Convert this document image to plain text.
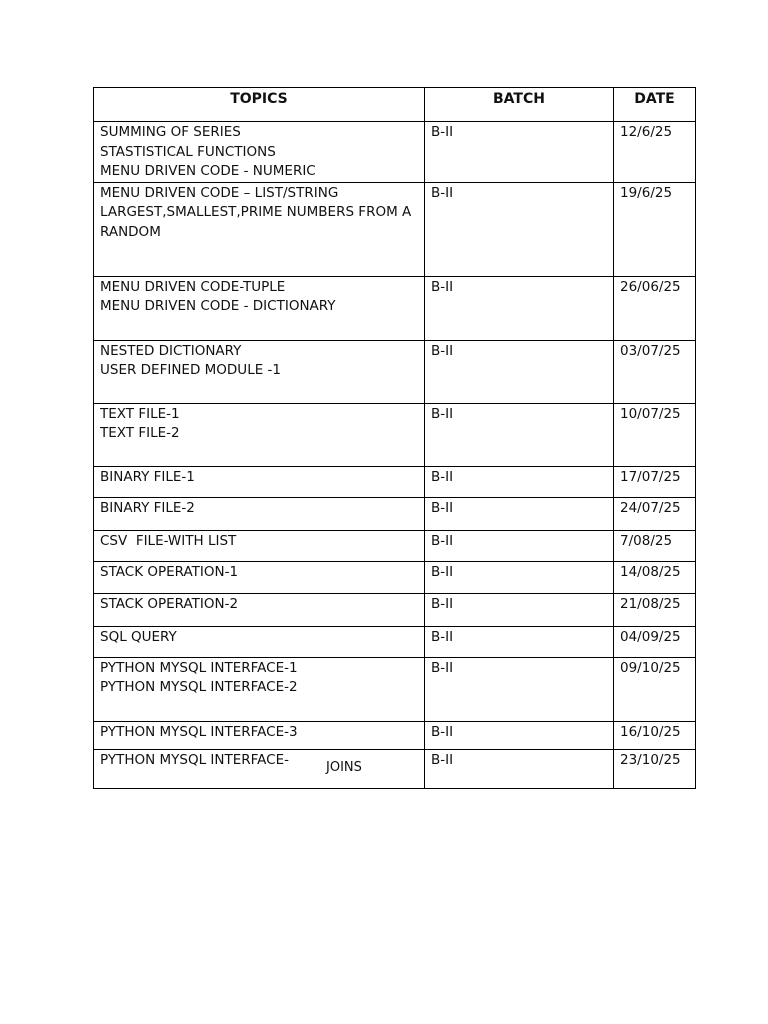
TOPICS	BATCH	DATE

SUMMING OF SERIES
STASTISTICAL FUNCTIONS
MENU DRIVEN CODE - NUMERIC	B-II	12/6/25

MENU DRIVEN CODE – LIST/STRING
LARGEST,SMALLEST,PRIME NUMBERS FROM A RANDOM	B-II	19/6/25

MENU DRIVEN CODE-TUPLE
MENU DRIVEN CODE - DICTIONARY	B-II	26/06/25

NESTED DICTIONARY
USER DEFINED MODULE -1	B-II	03/07/25

TEXT FILE-1
TEXT FILE-2	B-II	10/07/25

BINARY FILE-1	B-II	17/07/25

BINARY FILE-2	B-II	24/07/25

CSV  FILE-WITH LIST	B-II	7/08/25

STACK OPERATION-1	B-II	14/08/25

STACK OPERATION-2	B-II	21/08/25

SQL QUERY	B-II	04/09/25

PYTHON MYSQL INTERFACE-1
PYTHON MYSQL INTERFACE-2	B-II	09/10/25

PYTHON MYSQL INTERFACE-3	B-II	16/10/25

PYTHON MYSQL INTERFACE- JOINS	B-II	23/10/25
